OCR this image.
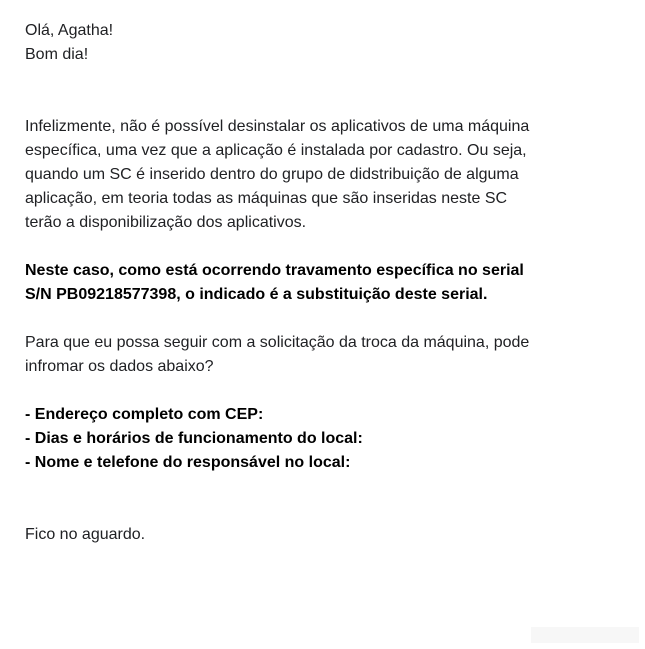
Olá, Agatha!
Bom dia!
Infelizmente, não é possível desinstalar os aplicativos de uma máquina
específica, uma vez que a aplicação é instalada por cadastro. Ou seja,
quando um SC é inserido dentro do grupo de didstribuição de alguma
aplicação, em teoria todas as máquinas que são inseridas neste SC
terão a disponibilização dos aplicativos.
Neste caso, como está ocorrendo travamento específica no serial
S/N PB09218577398, o indicado é a substituição deste serial.
Para que eu possa seguir com a solicitação da troca da máquina, pode
infromar os dados abaixo?
- Endereço completo com CEP:
- Dias e horários de funcionamento do local:
- Nome e telefone do responsável no local:
Fico no aguardo.
